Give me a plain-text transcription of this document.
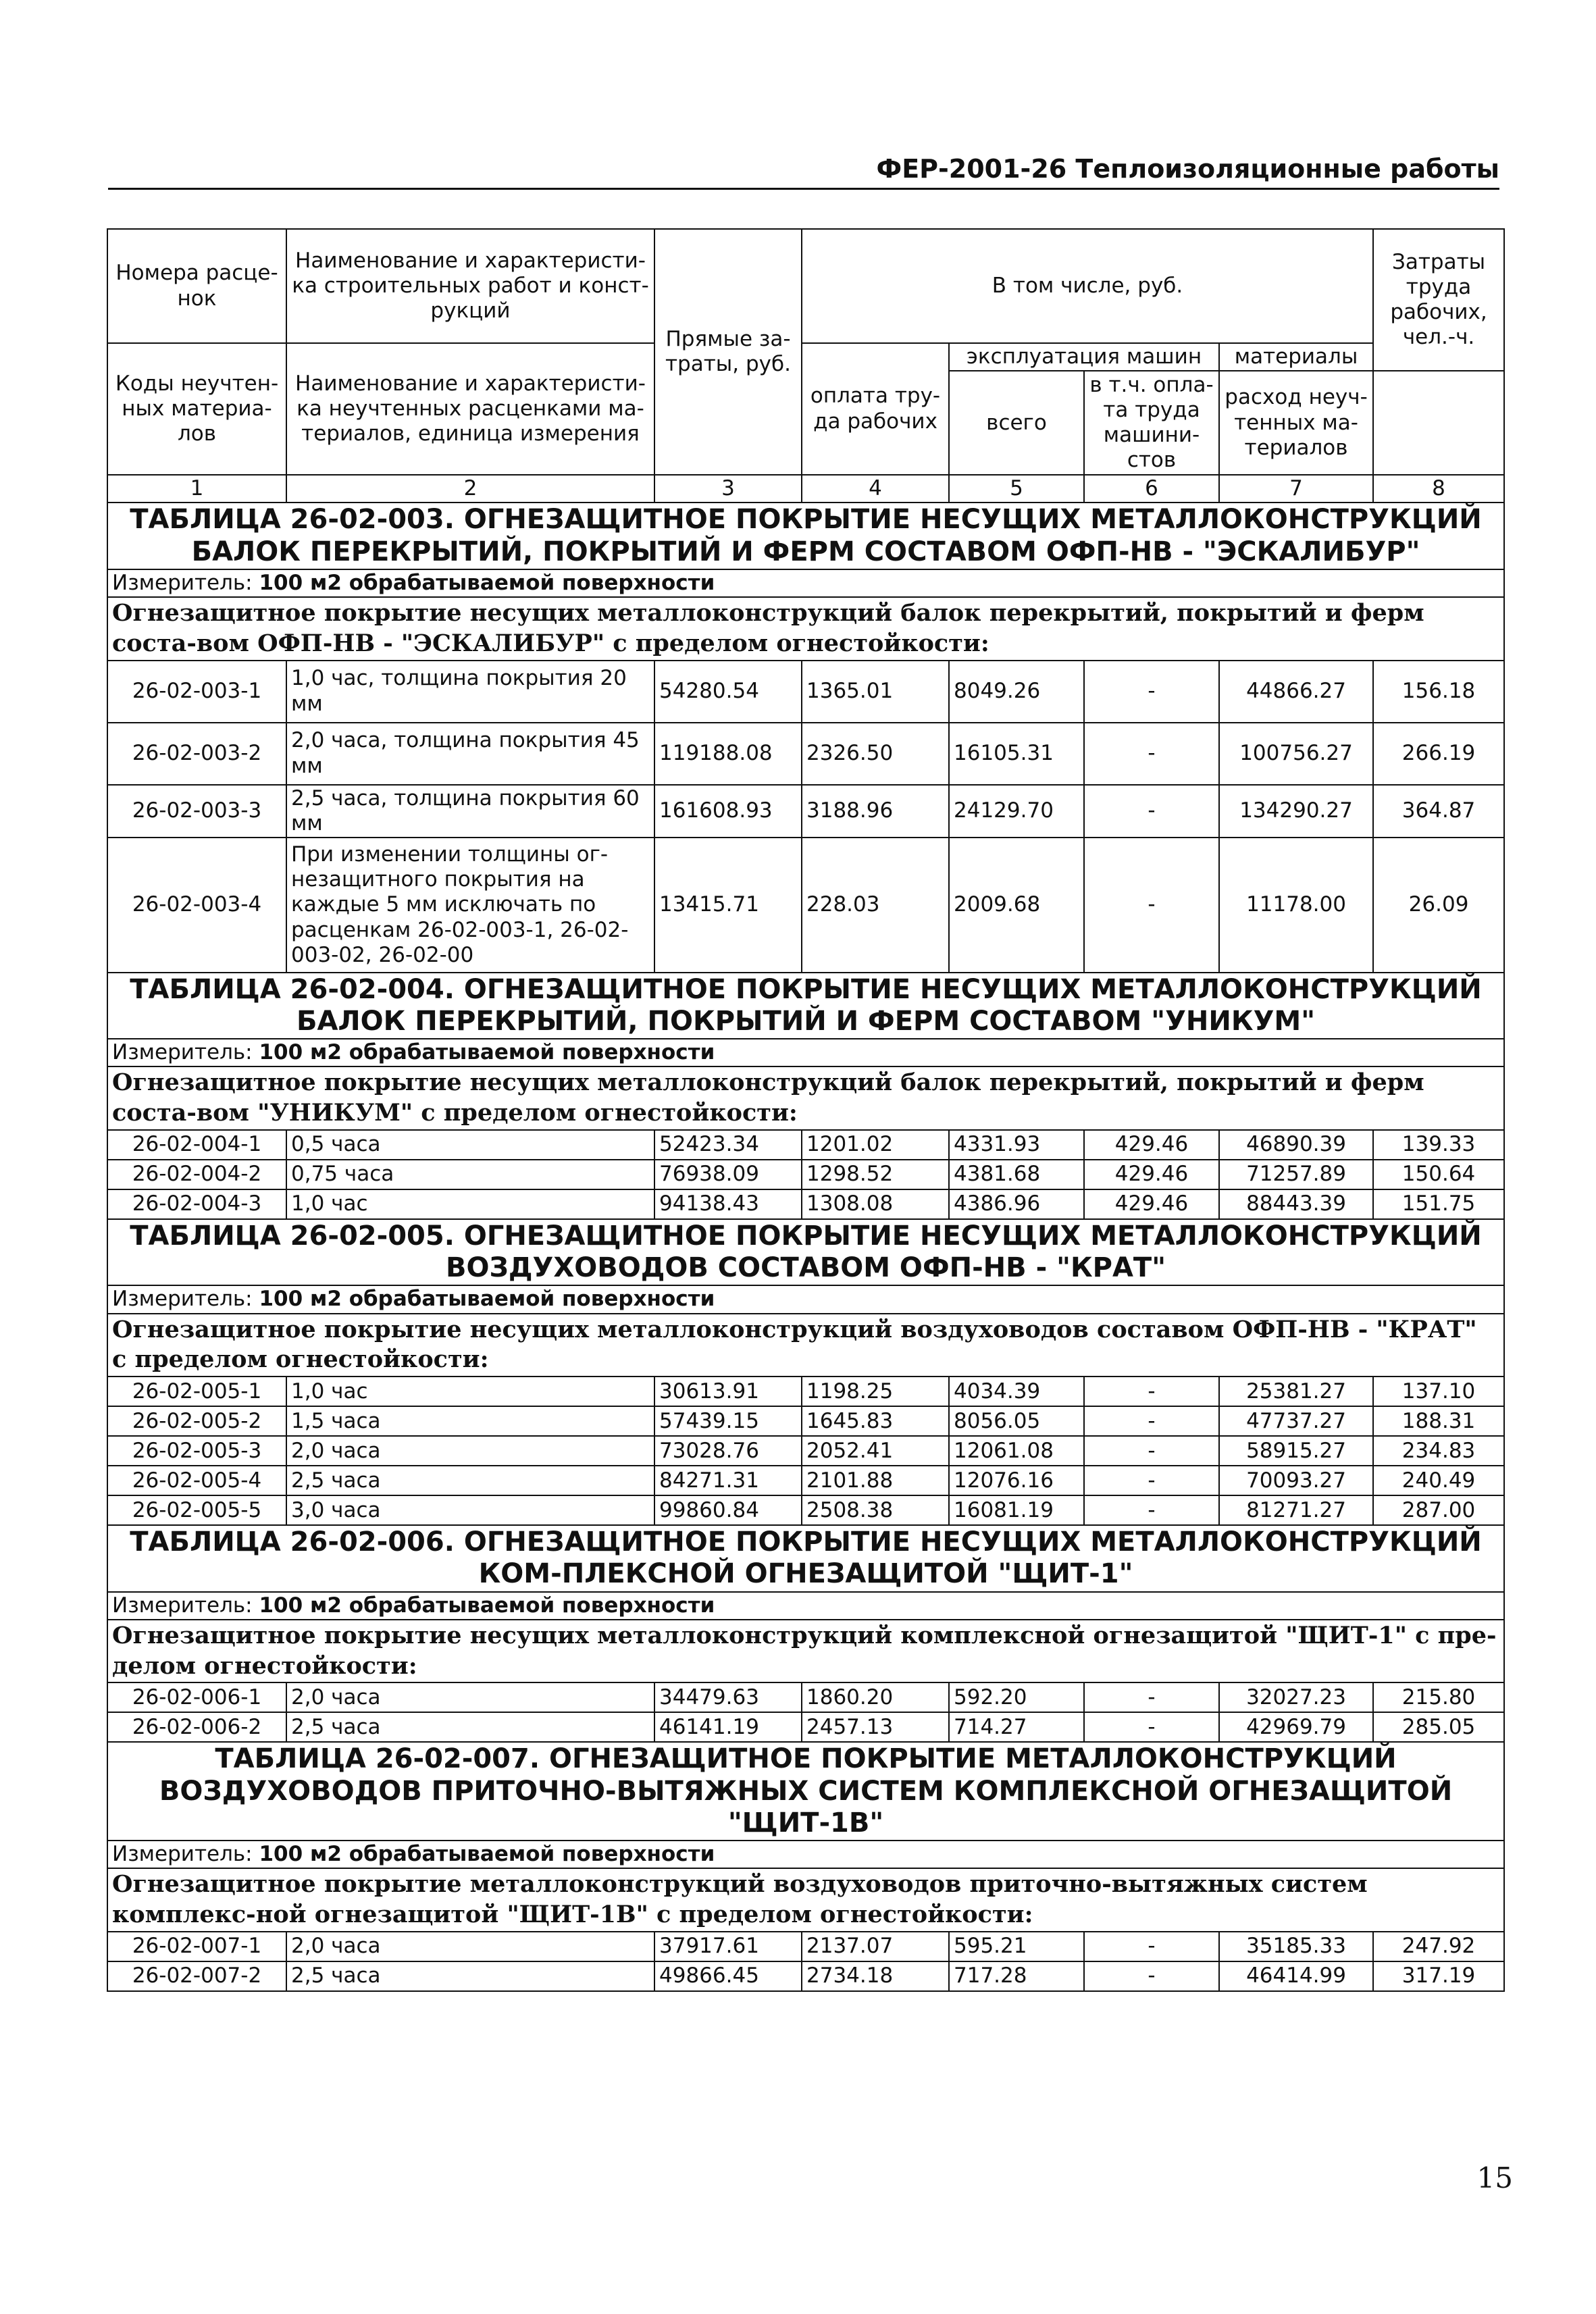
ФЕР-2001-26 Теплоизоляционные работы
Номера расце-нок	Наименование и характеристи-ка строительных работ и конст-рукций	Прямые за-траты, руб.	В том числе, руб.				Затраты труда рабочих, чел.-ч.
Коды неучтен-ных материа-лов	Наименование и характеристи-ка неучтенных расценками ма-териалов, единица измерения		оплата тру-да рабочих	эксплуатация машин		материалы	
				всего	в т.ч. опла-та труда машини-стов	расход неуч-тенных ма-териалов	
1	2	3	4	5	6	7	8
ТАБЛИЦА 26-02-003. ОГНЕЗАЩИТНОЕ ПОКРЫТИЕ НЕСУЩИХ МЕТАЛЛОКОНСТРУКЦИЙ БАЛОК ПЕРЕКРЫТИЙ, ПОКРЫТИЙ И ФЕРМ СОСТАВОМ ОФП-НВ - "ЭСКАЛИБУР"							
Измеритель: 100 м2 обрабатываемой поверхности							
Огнезащитное покрытие несущих металлоконструкций балок перекрытий, покрытий и ферм соста-вом ОФП-НВ - "ЭСКАЛИБУР" с пределом огнестойкости:							
26-02-003-1	1,0 час, толщина покрытия 20 мм	54280.54	1365.01	8049.26	-	44866.27	156.18
26-02-003-2	2,0 часа, толщина покрытия 45 мм	119188.08	2326.50	16105.31	-	100756.27	266.19
26-02-003-3	2,5 часа, толщина покрытия 60 мм	161608.93	3188.96	24129.70	-	134290.27	364.87
26-02-003-4	При изменении толщины ог-незащитного покрытия на каждые 5 мм исключать по расценкам 26-02-003-1, 26-02-003-02, 26-02-00	13415.71	228.03	2009.68	-	11178.00	26.09
ТАБЛИЦА 26-02-004. ОГНЕЗАЩИТНОЕ ПОКРЫТИЕ НЕСУЩИХ МЕТАЛЛОКОНСТРУКЦИЙ БАЛОК ПЕРЕКРЫТИЙ, ПОКРЫТИЙ И ФЕРМ СОСТАВОМ "УНИКУМ"							
Измеритель: 100 м2 обрабатываемой поверхности							
Огнезащитное покрытие несущих металлоконструкций балок перекрытий, покрытий и ферм соста-вом "УНИКУМ" с пределом огнестойкости:							
26-02-004-1	0,5 часа	52423.34	1201.02	4331.93	429.46	46890.39	139.33
26-02-004-2	0,75 часа	76938.09	1298.52	4381.68	429.46	71257.89	150.64
26-02-004-3	1,0 час	94138.43	1308.08	4386.96	429.46	88443.39	151.75
ТАБЛИЦА 26-02-005. ОГНЕЗАЩИТНОЕ ПОКРЫТИЕ НЕСУЩИХ МЕТАЛЛОКОНСТРУКЦИЙ ВОЗДУХОВОДОВ СОСТАВОМ ОФП-НВ - "КРАТ"							
Измеритель: 100 м2 обрабатываемой поверхности							
Огнезащитное покрытие несущих металлоконструкций воздуховодов составом ОФП-НВ - "КРАТ" с пределом огнестойкости:							
26-02-005-1	1,0 час	30613.91	1198.25	4034.39	-	25381.27	137.10
26-02-005-2	1,5 часа	57439.15	1645.83	8056.05	-	47737.27	188.31
26-02-005-3	2,0 часа	73028.76	2052.41	12061.08	-	58915.27	234.83
26-02-005-4	2,5 часа	84271.31	2101.88	12076.16	-	70093.27	240.49
26-02-005-5	3,0 часа	99860.84	2508.38	16081.19	-	81271.27	287.00
ТАБЛИЦА 26-02-006. ОГНЕЗАЩИТНОЕ ПОКРЫТИЕ НЕСУЩИХ МЕТАЛЛОКОНСТРУКЦИЙ КОМ-ПЛЕКСНОЙ ОГНЕЗАЩИТОЙ "ЩИТ-1"							
Измеритель: 100 м2 обрабатываемой поверхности							
Огнезащитное покрытие несущих металлоконструкций комплексной огнезащитой "ЩИТ-1" с пре-делом огнестойкости:							
26-02-006-1	2,0 часа	34479.63	1860.20	592.20	-	32027.23	215.80
26-02-006-2	2,5 часа	46141.19	2457.13	714.27	-	42969.79	285.05
ТАБЛИЦА 26-02-007. ОГНЕЗАЩИТНОЕ ПОКРЫТИЕ МЕТАЛЛОКОНСТРУКЦИЙ ВОЗДУХОВОДОВ ПРИТОЧНО-ВЫТЯЖНЫХ СИСТЕМ КОМПЛЕКСНОЙ ОГНЕЗАЩИТОЙ "ЩИТ-1В"							
Измеритель: 100 м2 обрабатываемой поверхности							
Огнезащитное покрытие металлоконструкций воздуховодов приточно-вытяжных систем комплекс-ной огнезащитой "ЩИТ-1В" с пределом огнестойкости:							
26-02-007-1	2,0 часа	37917.61	2137.07	595.21	-	35185.33	247.92
26-02-007-2	2,5 часа	49866.45	2734.18	717.28	-	46414.99	317.19
15
